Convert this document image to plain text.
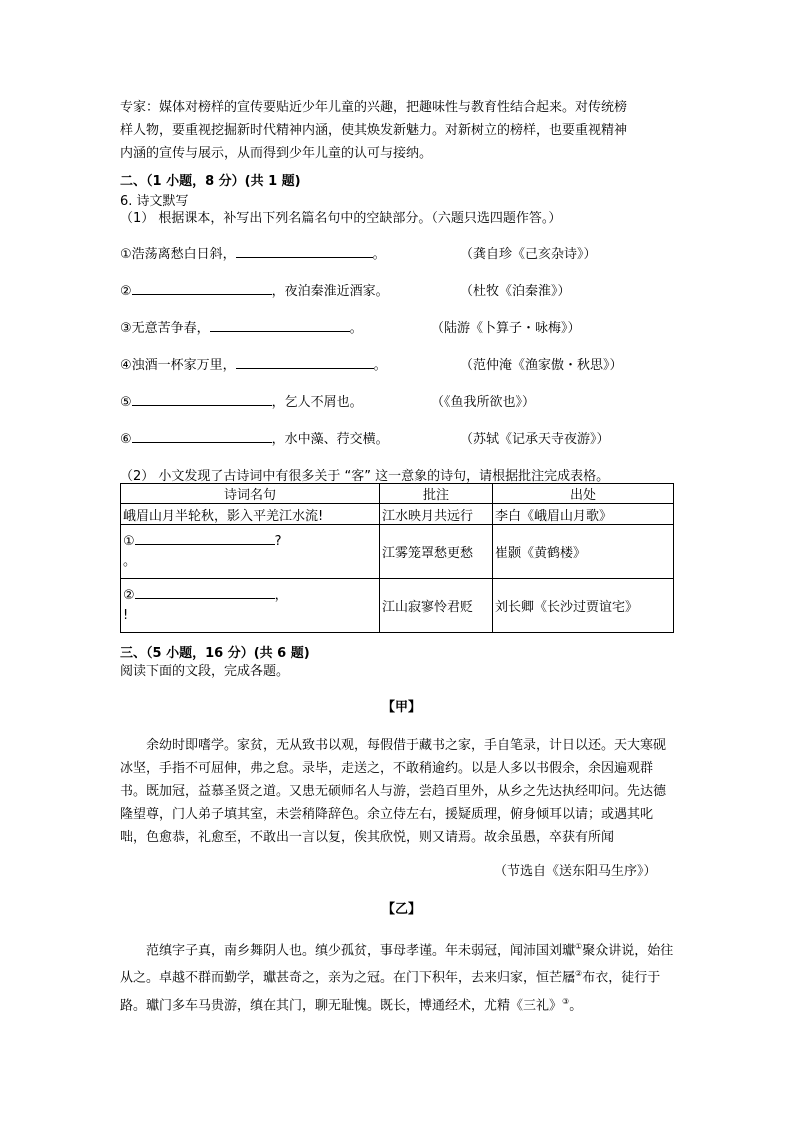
专家：媒体对榜样的宣传要贴近少年儿童的兴趣，把趣味性与教育性结合起来。对传统榜
样人物，要重视挖掘新时代精神内涵，使其焕发新魅力。对新树立的榜样，也要重视精神
内涵的宣传与展示，从而得到少年儿童的认可与接纳。
二、（1 小题，8 分）(共 1 题)
6. 诗文默写
（1） 根据课本，补写出下列名篇名句中的空缺部分。（六题只选四题作答。）
①浩荡离愁白日斜，	。	（龚自珍《己亥杂诗》）
②	，夜泊秦淮近酒家。	（杜牧《泊秦淮》）
③无意苦争春，	。	（陆游《卜算子・咏梅》）
④浊酒一杯家万里，	。	（范仲淹《渔家傲・秋思》）
⑤	，乞人不屑也。	（《鱼我所欲也》）
⑥	，水中藻、荇交横。	（苏轼《记承天寺夜游》）
（2） 小文发现了古诗词中有很多关于 “客” 这一意象的诗句，请根据批注完成表格。
诗词名句	批注	出处
峨眉山月半轮秋，影入平羌江水流!	江水映月共远行	李白《峨眉山月歌》

① ?
。	江雾笼罩愁更愁	崔颢《黄鹤楼》

② ，
!	江山寂寥怜君贬	刘长卿《长沙过贾谊宅》
三、（5 小题，16 分）(共 6 题)
阅读下面的文段，完成各题。
【甲】
余幼时即嗜学。家贫，无从致书以观，每假借于藏书之家，手自笔录，计日以还。天大寒砚冰坚，手指不可屈伸，弗之怠。录毕，走送之，不敢稍逾约。以是人多以书假余，余因遍观群书。既加冠，益慕圣贤之道。又患无硕师名人与游，尝趋百里外，从乡之先达执经叩问。先达德隆望尊，门人弟子填其室，未尝稍降辞色。余立侍左右，援疑质理，俯身倾耳以请；或遇其叱咄，色愈恭，礼愈至，不敢出一言以复，俟其欣悦，则又请焉。故余虽愚，卒获有所闻
（节选自《送东阳马生序》）
【乙】
范缜字子真，南乡舞阴人也。缜少孤贫，事母孝谨。年未弱冠，闻沛国刘瓛①聚众讲说，始往从之。卓越不群而勤学，瓛甚奇之，亲为之冠。在门下积年，去来归家，恒芒屩②布衣，徒行于路。瓛门多车马贵游，缜在其门，聊无耻愧。既长，博通经术，尤精《三礼》③。
